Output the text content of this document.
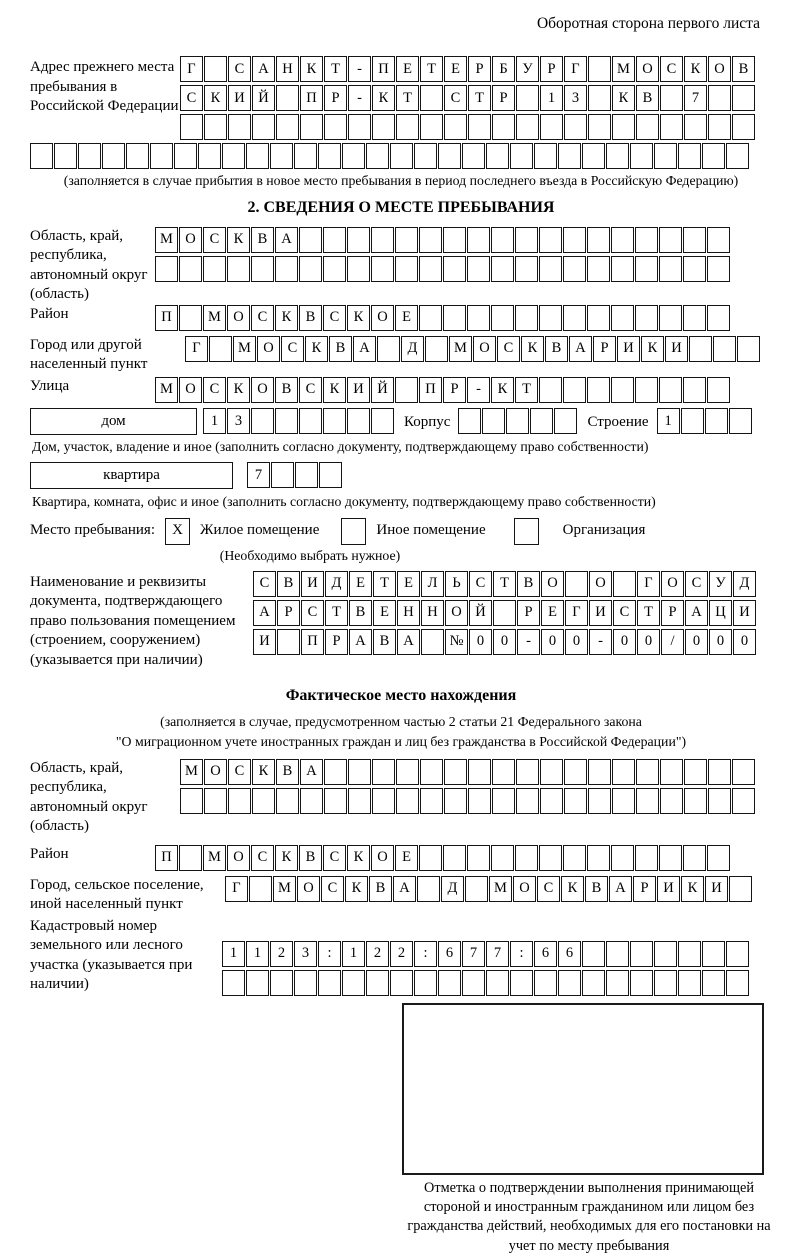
Оборотная сторона первого листа
Адрес прежнего места пребывания в Российской Федерации
Г	С А Н К	Т	-	П Е	Т	Е	Р	Б	У	Р	Г	М О С К О В
С К И Й	П	Р	-	К	Т	С	Т	Р	1	3	К В	7
(заполняется в случае прибытия в новое место пребывания в период последнего въезда в Российскую Федерацию)
2. СВЕДЕНИЯ О МЕСТЕ ПРЕБЫВАНИЯ
Область, край, республика, автономный округ (область)
М О С К В А
Район	П	М О С К В С К О Е
Город или другой населенный пункт
Г	М О С К В А	Д	М О С К В А	Р	И К И
Улица	М О С К О В С К И Й	П	Р	-	К	Т
дом	1	3	Корпус	Строение	1
Дом, участок, владение и иное (заполнить согласно документу, подтверждающему право собственности)
квартира	7
Квартира, комната, офис и иное (заполнить согласно документу, подтверждающему право собственности)
Место пребывания:	X	Жилое помещение	Иное помещение	Организация
(Необходимо выбрать нужное)
Наименование и реквизиты документа, подтверждающего право пользования помещением (строением, сооружением) (указывается при наличии)
С В И Д	Е	Т	Е	Л	Ь	С	Т	В О	О	Г	О С У Д
А	Р	С	Т	В	Е Н Н О Й	Р	Е	Г	И С	Т	Р	А Ц И
И	П	Р	А В А	№ 0	0	-	0	0	-	0	0	/	0	0	0
Фактическое место нахождения
(заполняется в случае, предусмотренном частью 2 статьи 21 Федерального закона
"О миграционном учете иностранных граждан и лиц без гражданства в Российской Федерации")
Область, край, республика, автономный округ (область)
М О С К В А
Район	П	М О С К В С К О Е
Город, сельское поселение, иной населенный пункт
Г	М О С К В А	Д	М О С К В А	Р	И К И
Кадастровый номер земельного или лесного участка (указывается при наличии)
1	1	2	3	:	1	2	2	:	6	7	7	:	6	6
Отметка о подтверждении выполнения принимающей стороной и иностранным гражданином или лицом без гражданства действий, необходимых для его постановки на учет по месту пребывания
